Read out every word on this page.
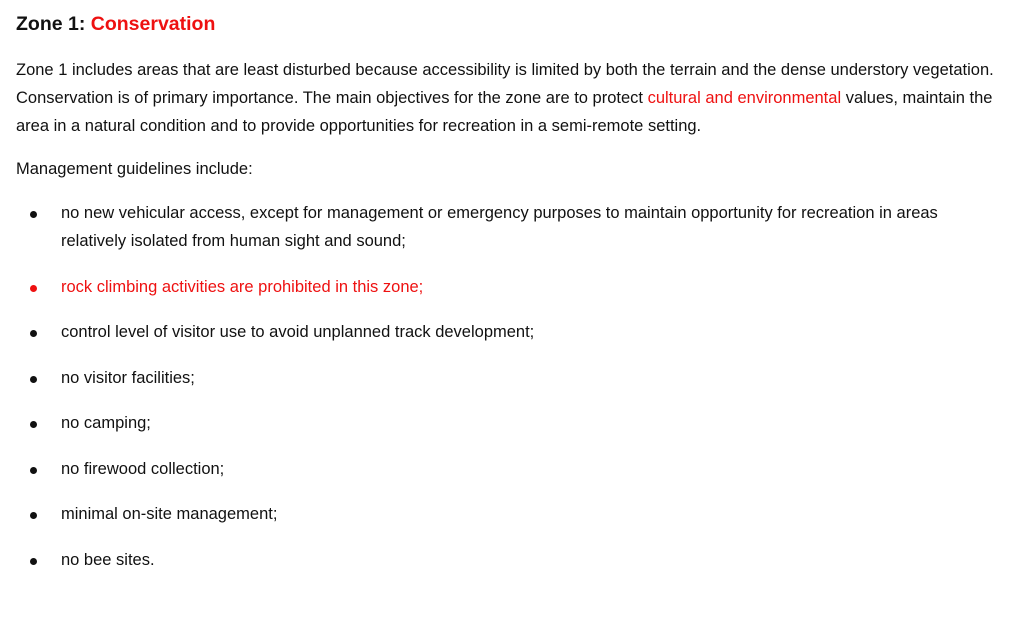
Zone 1: Conservation

Zone 1 includes areas that are least disturbed because accessibility is limited by both the terrain and the dense understory vegetation. Conservation is of primary importance. The main objectives for the zone are to protect cultural and environmental values, maintain the area in a natural condition and to provide opportunities for recreation in a semi-remote setting.

Management guidelines include:

no new vehicular access, except for management or emergency purposes to maintain opportunity for recreation in areas relatively isolated from human sight and sound;
rock climbing activities are prohibited in this zone;
control level of visitor use to avoid unplanned track development;
no visitor facilities;
no camping;
no firewood collection;
minimal on-site management;
no bee sites.
